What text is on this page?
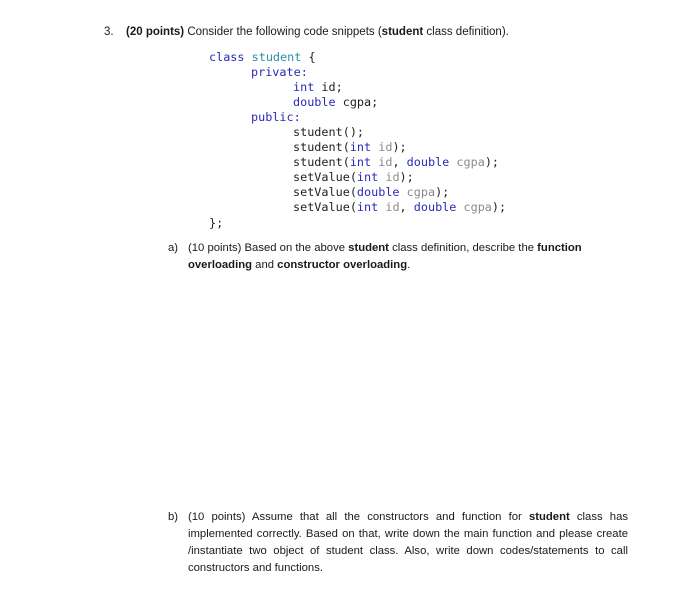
3. (20 points) Consider the following code snippets (student class definition).
class student {
private:
int id;
double cgpa;
public:
student();
student(int id);
student(int id, double cgpa);
setValue(int id);
setValue(double cgpa);
setValue(int id, double cgpa);
};
a) (10 points) Based on the above student class definition, describe the function overloading and constructor overloading.
b) (10 points) Assume that all the constructors and function for student class has implemented correctly. Based on that, write down the main function and please create /instantiate two object of student class. Also, write down codes/statements to call constructors and functions.
